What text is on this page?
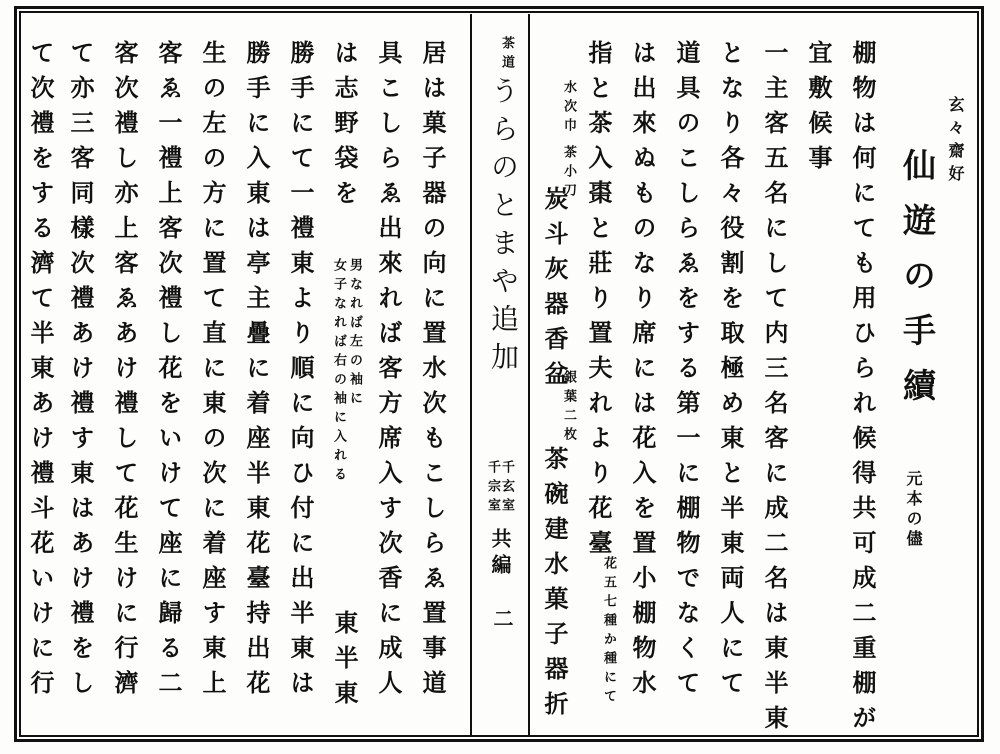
玄々齋好
仙遊の手續
元本の儘
棚物は何にても用ひられ候得共可成二重棚が
宜敷候事
一主客五名にして内三名客に成二名は東半東
となり各々役割を取極め東と半東両人にて
道具のこしらゑをする第一に棚物でなくて
は出來ぬものなり席には花入を置小棚物水
指と茶入棗と莊り置夫れより花臺
花五七種か種にて
水次巾
茶小刀
炭斗灰器香盆
銀葉二枚
茶碗建水菓子器折
茶道
うらのとまや追加
千玄室
千宗室
共編
二
居は菓子器の向に置水次もこしらゑ置事道
具こしらゑ出來れば客方席入す次香に成人
は志野袋を
男なれば左の袖に
女子なれば右の袖に入れる
東半東
勝手にて一禮東より順に向ひ付に出半東は
勝手に入東は亭主疊に着座半東花臺持出花
生の左の方に置て直に東の次に着座す東上
客ゑ一禮上客次禮し花をいけて座に歸る二
客次禮し亦上客ゑあけ禮して花生けに行濟
て亦三客同樣次禮あけ禮す東はあけ禮をし
て次禮をする濟て半東あけ禮斗花いけに行
